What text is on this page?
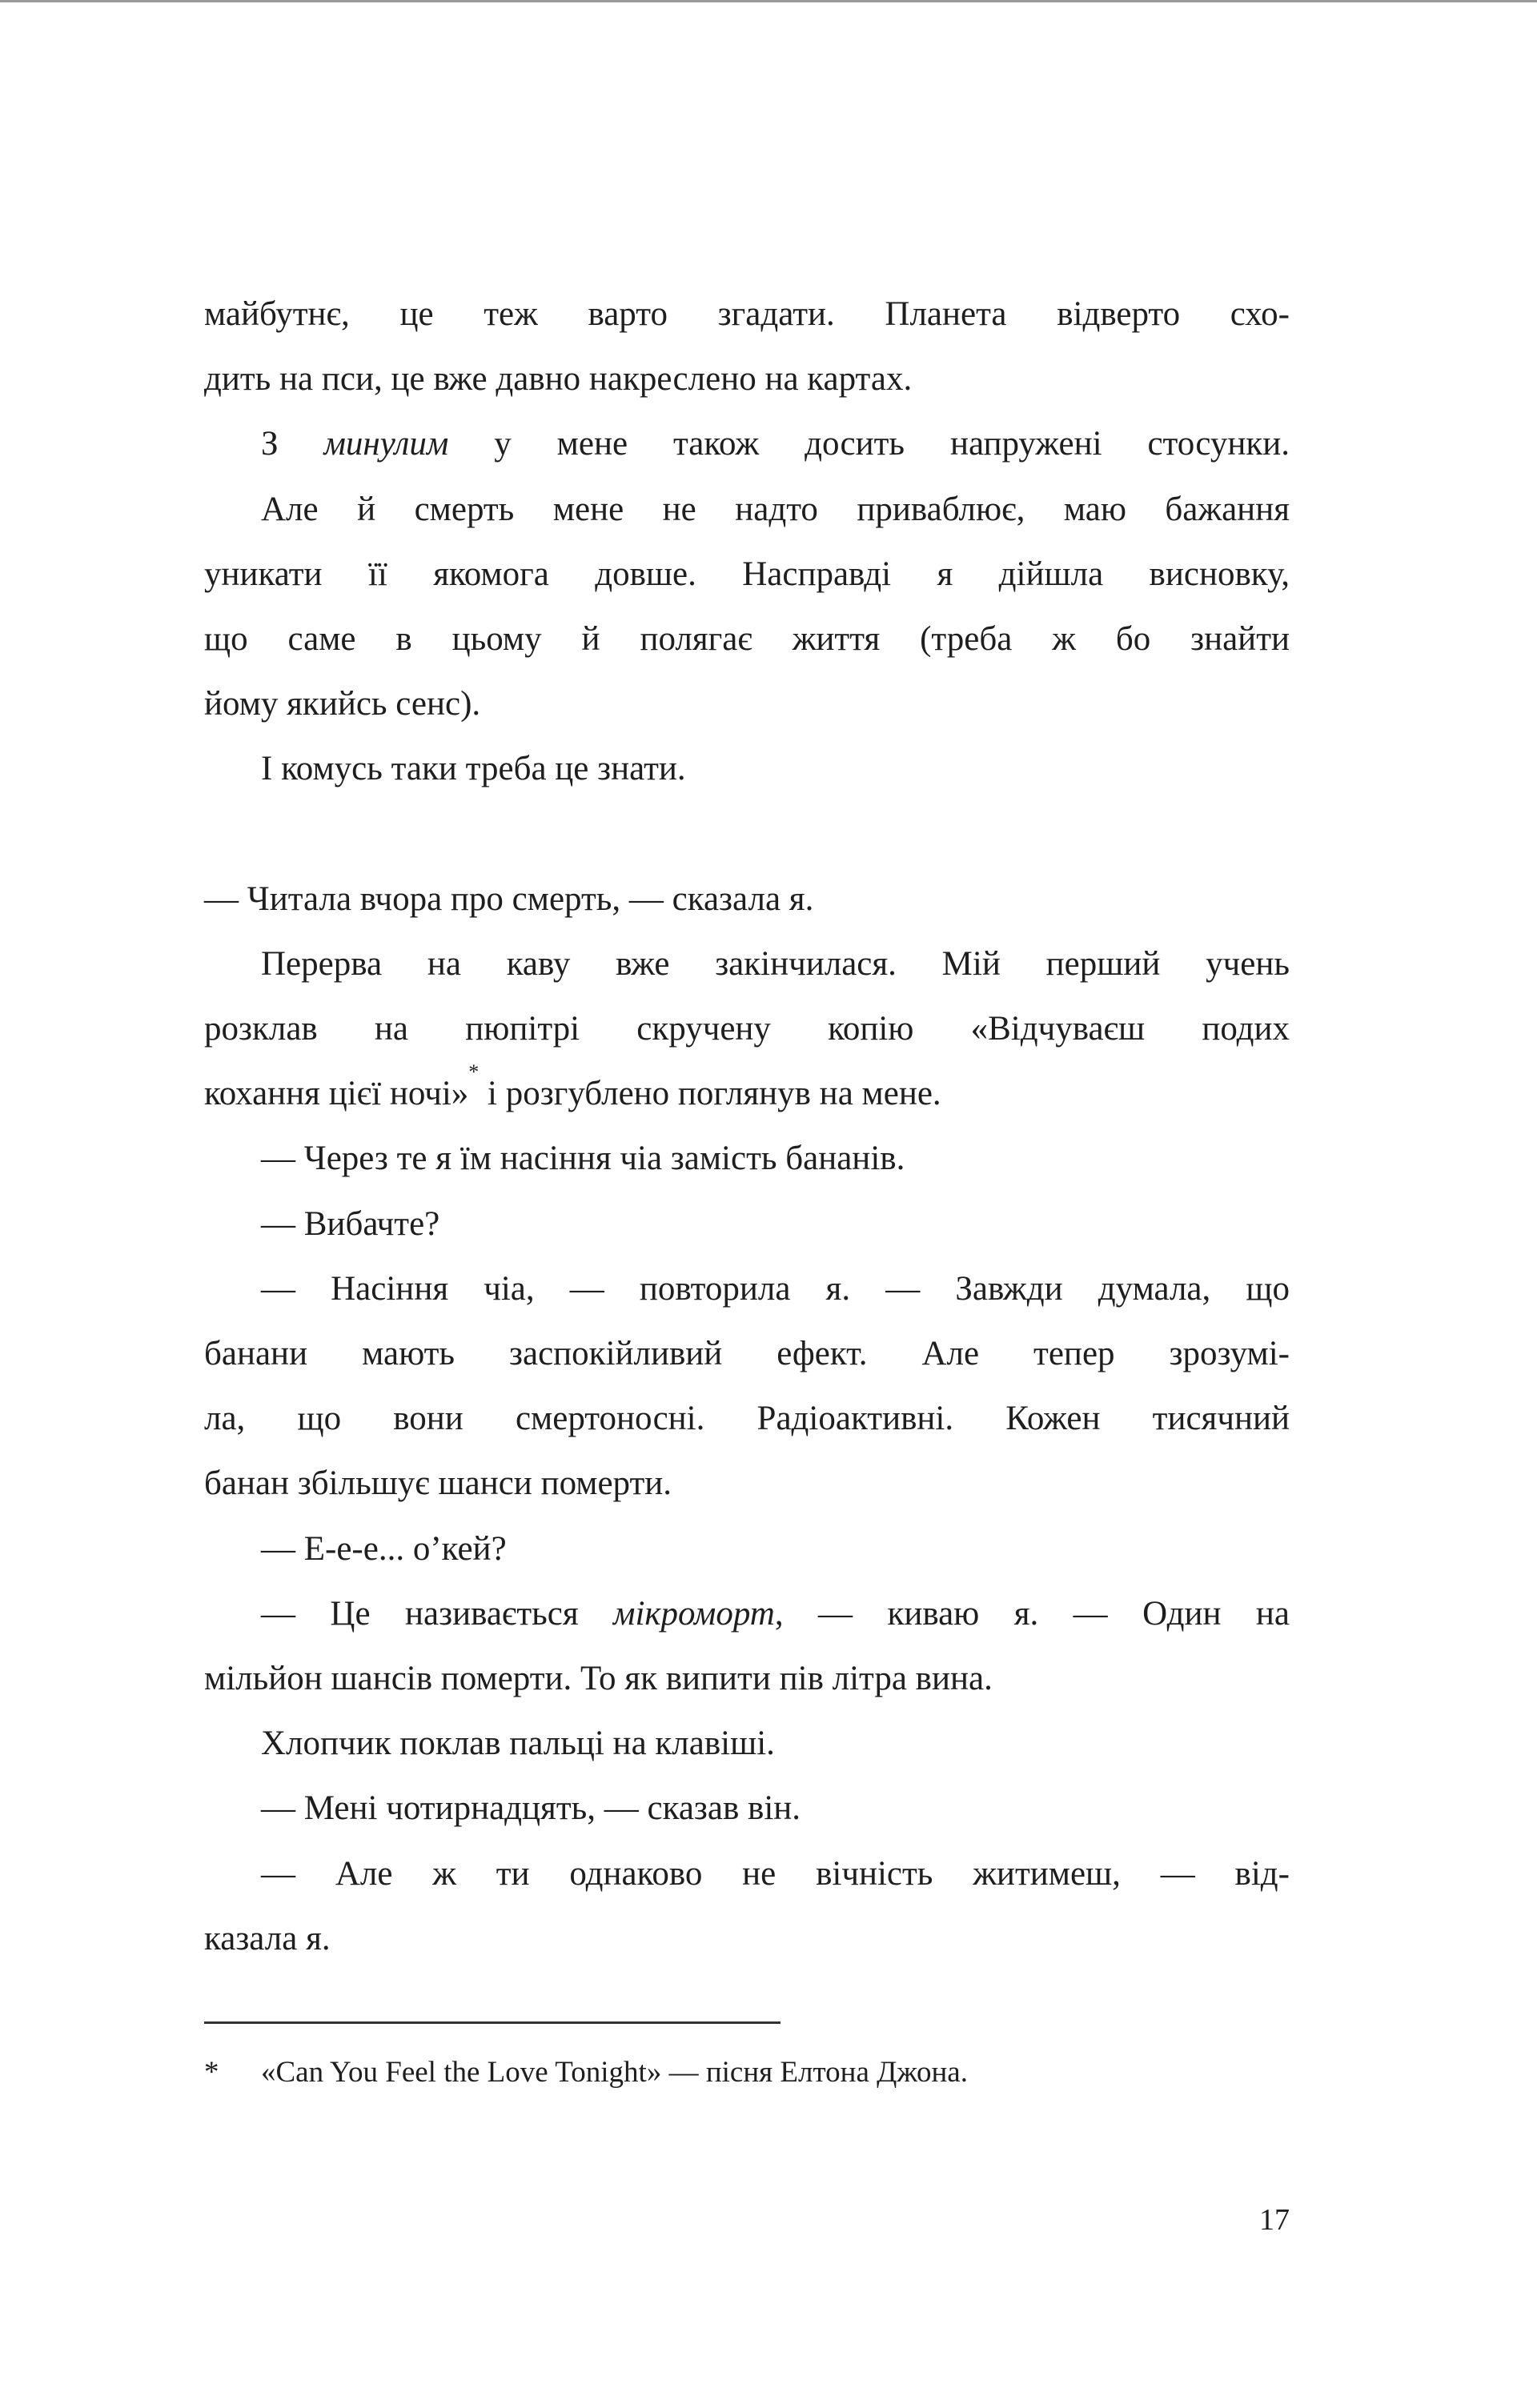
майбутнє, це теж варто згадати. Планета відверто схо-
дить на пси, це вже давно накреслено на картах.
З минулим у мене також досить напружені стосунки.
Але й смерть мене не надто приваблює, маю бажання
уникати її якомога довше. Насправді я дійшла висновку,
що саме в цьому й полягає життя (треба ж бо знайти
йому якийсь сенс).
І комусь таки треба це знати.

— Читала вчора про смерть, — сказала я.
Перерва на каву вже закінчилася. Мій перший учень
розклав на пюпітрі скручену копію «Відчуваєш подих
кохання цієї ночі»* і розгублено поглянув на мене.
— Через те я їм насіння чіа замість бананів.
— Вибачте?
— Насіння чіа, — повторила я. — Завжди думала, що
банани мають заспокійливий ефект. Але тепер зрозумі-
ла, що вони смертоносні. Радіоактивні. Кожен тисячний
банан збільшує шанси померти.
— Е-е-е... о’кей?
— Це називається мікроморт, — киваю я. — Один на
мільйон шансів померти. То як випити пів літра вина.
Хлопчик поклав пальці на клавіші.
— Мені чотирнадцять, — сказав він.
— Але ж ти однаково не вічність житимеш, — від-
казала я.
* «Can You Feel the Love Tonight» — пісня Елтона Джона.
17
